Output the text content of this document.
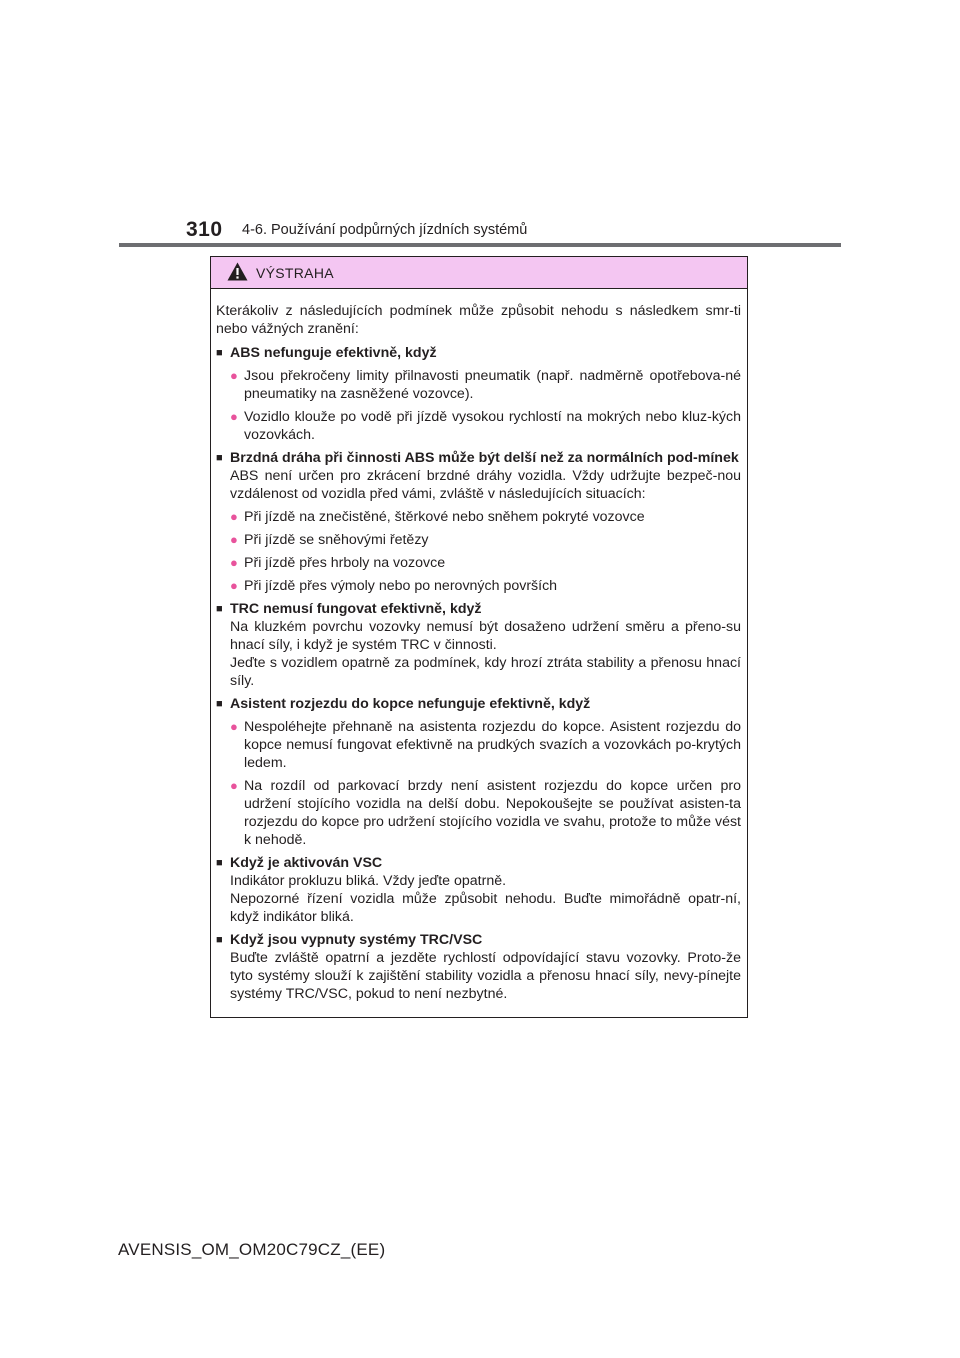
310 4-6. Používání podpůrných jízdních systémů
VÝSTRAHA

Kterákoliv z následujících podmínek může způsobit nehodu s následkem smr-ti nebo vážných zranění:

■ ABS nefunguje efektivně, když
● Jsou překročeny limity přilnavosti pneumatik (např. nadměrně opotřebova-né pneumatiky na zasněžené vozovce).
● Vozidlo klouže po vodě při jízdě vysokou rychlostí na mokrých nebo kluz-kých vozovkách.
■ Brzdná dráha při činnosti ABS může být delší než za normálních pod-mínek
ABS není určen pro zkrácení brzdné dráhy vozidla. Vždy udržujte bezpeč-nou vzdálenost od vozidla před vámi, zvláště v následujících situacích:
● Při jízdě na znečistěné, štěrkové nebo sněhem pokryté vozovce
● Při jízdě se sněhovými řetězy
● Při jízdě přes hrboly na vozovce
● Při jízdě přes výmoly nebo po nerovných površích
■ TRC nemusí fungovat efektivně, když
Na kluzkém povrchu vozovky nemusí být dosaženo udržení směru a přeno-su hnací síly, i když je systém TRC v činnosti.
Jeďte s vozidlem opatrně za podmínek, kdy hrozí ztráta stability a přenosu hnací síly.
■ Asistent rozjezdu do kopce nefunguje efektivně, když
● Nespoléhejte přehnaně na asistenta rozjezdu do kopce. Asistent rozjezdu do kopce nemusí fungovat efektivně na prudkých svazích a vozovkách po-krytých ledem.
● Na rozdíl od parkovací brzdy není asistent rozjezdu do kopce určen pro udržení stojícího vozidla na delší dobu. Nepokoušejte se používat asisten-ta rozjezdu do kopce pro udržení stojícího vozidla ve svahu, protože to může vést k nehodě.
■ Když je aktivován VSC
Indikátor prokluzu bliká. Vždy jeďte opatrně.
Nepozorné řízení vozidla může způsobit nehodu. Buďte mimořádně opatr-ní, když indikátor bliká.
■ Když jsou vypnuty systémy TRC/VSC
Buďte zvláště opatrní a jezděte rychlostí odpovídající stavu vozovky. Proto-že tyto systémy slouží k zajištění stability vozidla a přenosu hnací síly, nevy-pínejte systémy TRC/VSC, pokud to není nezbytné.
AVENSIS_OM_OM20C79CZ_(EE)
